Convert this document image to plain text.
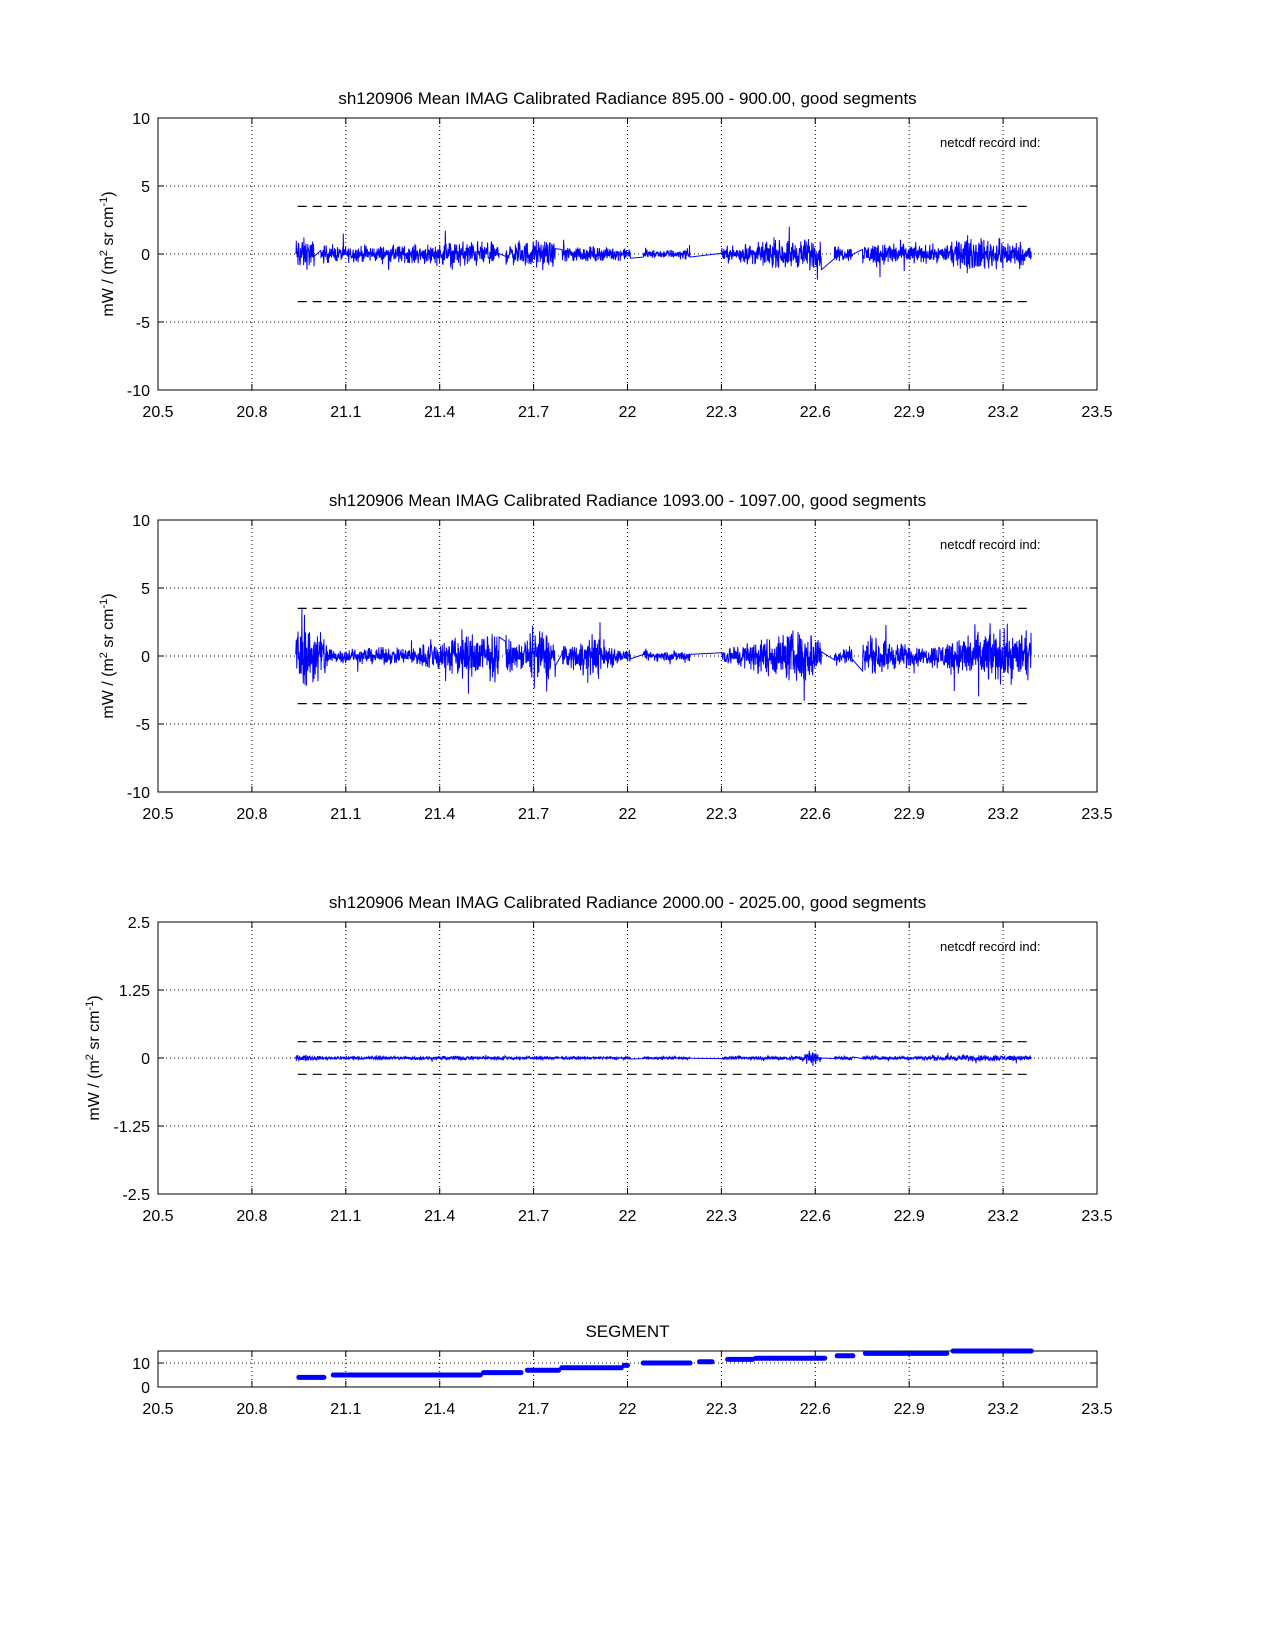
sh120906 Mean IMAG Calibrated Radiance 895.00 - 900.00, good segments
netcdf record ind:
mW / ($m^2$ sr $cm^{-1}$)
20.5	20.8	21.1	21.4	21.7	22	22.3	22.6	22.9	23.2	23.5
10
5
0
-5
-10
sh120906 Mean IMAG Calibrated Radiance 1093.00 - 1097.00, good segments
netcdf record ind:
mW / ($m^2$ sr $cm^{-1}$)
20.5	20.8	21.1	21.4	21.7	22	22.3	22.6	22.9	23.2	23.5
10
5
0
-5
-10
sh120906 Mean IMAG Calibrated Radiance 2000.00 - 2025.00, good segments
netcdf record ind:
mW / ($m^2$ sr $cm^{-1}$)
20.5	20.8	21.1	21.4	21.7	22	22.3	22.6	22.9	23.2	23.5
2.5
1.25
0
-1.25
-2.5
SEGMENT
20.5	20.8	21.1	21.4	21.7	22	22.3	22.6	22.9	23.2	23.5
10
0
